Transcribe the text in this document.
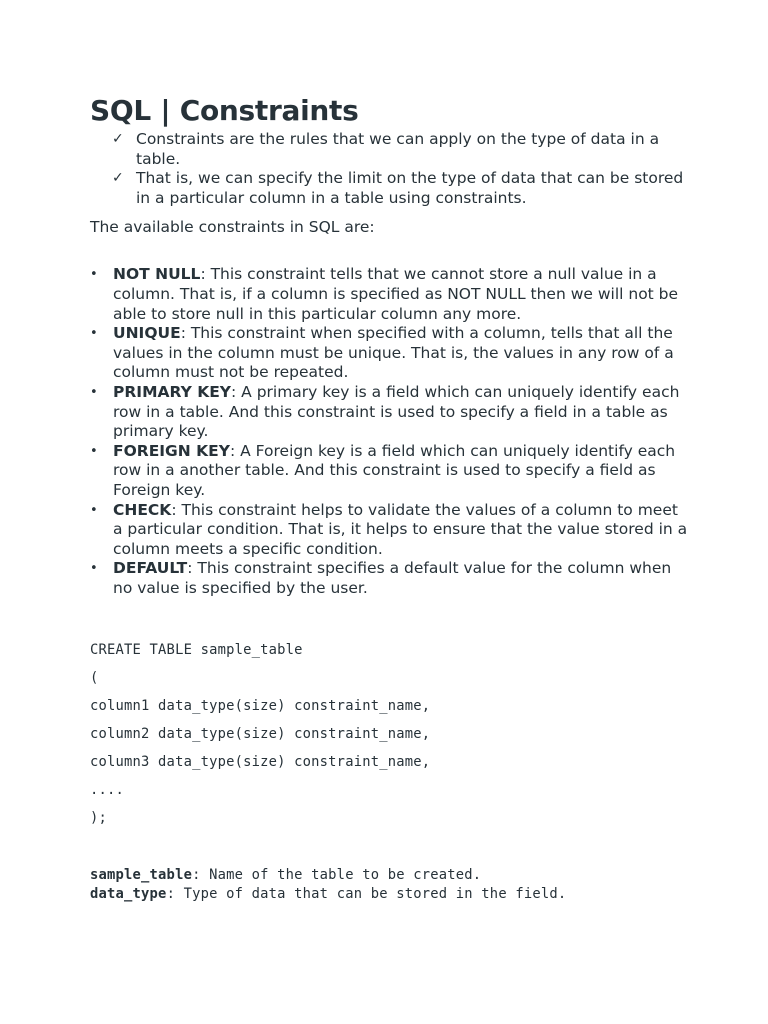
SQL | Constraints
✓ Constraints are the rules that we can apply on the type of data in a table.
✓ That is, we can specify the limit on the type of data that can be stored in a particular column in a table using constraints.

The available constraints in SQL are:

• NOT NULL: This constraint tells that we cannot store a null value in a column. That is, if a column is specified as NOT NULL then we will not be able to store null in this particular column any more.
• UNIQUE: This constraint when specified with a column, tells that all the values in the column must be unique. That is, the values in any row of a column must not be repeated.
• PRIMARY KEY: A primary key is a field which can uniquely identify each row in a table. And this constraint is used to specify a field in a table as primary key.
• FOREIGN KEY: A Foreign key is a field which can uniquely identify each row in a another table. And this constraint is used to specify a field as Foreign key.
• CHECK: This constraint helps to validate the values of a column to meet a particular condition. That is, it helps to ensure that the value stored in a column meets a specific condition.
• DEFAULT: This constraint specifies a default value for the column when no value is specified by the user.
CREATE TABLE sample_table
(
column1 data_type(size) constraint_name,
column2 data_type(size) constraint_name,
column3 data_type(size) constraint_name,
....
);
sample_table: Name of the table to be created.
data_type: Type of data that can be stored in the field.
